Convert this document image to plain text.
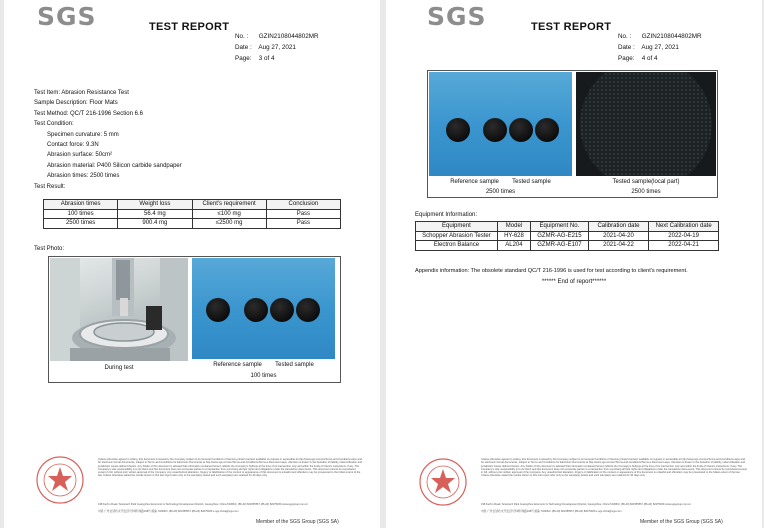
SGS	TEST REPORT
No. : GZIN2108044802MR
Date : Aug 27, 2021
Page: 3 of 4
Test Item: Abrasion Resistance Test
Sample Description: Floor Mats
Test Method: QC/T 216-1996 Section 6.6
Test Condition:
Specimen curvature: 5 mm
Contact force: 9.3N
Abrasion surface: 50cm²
Abrasion material: P400 Silicon carbide sandpaper
Abrasion times: 2500 times
Test Result:
Abrasion times	Weight loss	Client's requirement	Conclusion
100 times	56.4 mg	≤100 mg	Pass
2500 times	900.4 mg	≤2500 mg	Pass
Test Photo:
During test	Reference sample Tested sample
100 times
Unless otherwise agreed in writing, this document is issued by the Company subject to its General Conditions of Service printed overleaf, available on request or accessible at http://www.sgs.com/en/Terms-and-Conditions.aspx and, for electronic format documents, subject to Terms and Conditions for Electronic Documents at http://www.sgs.com/en/Terms-and-Conditions/Terms-e-Document.aspx. Attention is drawn to the limitation of liability, indemnification and jurisdiction issues defined therein. Any holder of this document is advised that information contained hereon reflects the Company's findings at the time of its intervention only and within the limits of Client's instructions, if any. The Company's sole responsibility is to its Client and this document does not exonerate parties to a transaction from exercising all their rights and obligations under the transaction documents. This document cannot be reproduced except in full, without prior written approval of the Company. Any unauthorized alteration, forgery or falsification of the content or appearance of this document is unlawful and offenders may be prosecuted to the fullest extent of the law. Unless otherwise stated the results shown in this test report refer only to the sample(s) tested and such sample(s) are retained for 30 days only.
198 Kezhu Road, Scientech Park Guangzhou Economic & Technology Development District, Guangzhou, China 510663 t (86-20) 82155555 f (86-20) 82075180 www.sgsgroup.com.cn
中国·广州·经济技术开发区科学城科珠路198号 邮编: 510663 t (86-20) 82155555 f (86-20) 82075180 e sgs.china@sgs.com
Member of the SGS Group (SGS SA)
SGS	TEST REPORT
No. : GZIN2108044802MR
Date : Aug 27, 2021
Page: 4 of 4
Reference sample Tested sample
2500 times
Tested sample(local part)
2500 times
Equipment Information:
Equipment	Model	Equipment No.	Calibration date	Next Calibration date
Schopper Abrasion Tester	HY-628	GZMR-AG-E215	2021-04-20	2022-04-19
Electron Balance	AL204	GZMR-AG-E107	2021-04-22	2022-04-21
Appendix information: The obsolete standard QC/T 216-1996 is used for test according to client's requirement.
****** End of report******
Unless otherwise agreed in writing, this document is issued by the Company subject to its General Conditions of Service printed overleaf, available on request or accessible at http://www.sgs.com/en/Terms-and-Conditions.aspx and, for electronic format documents, subject to Terms and Conditions for Electronic Documents at http://www.sgs.com/en/Terms-and-Conditions/Terms-e-Document.aspx. Attention is drawn to the limitation of liability, indemnification and jurisdiction issues defined therein. Any holder of this document is advised that information contained hereon reflects the Company's findings at the time of its intervention only and within the limits of Client's instructions, if any. The Company's sole responsibility is to its Client and this document does not exonerate parties to a transaction from exercising all their rights and obligations under the transaction documents. This document cannot be reproduced except in full, without prior written approval of the Company. Any unauthorized alteration, forgery or falsification of the content or appearance of this document is unlawful and offenders may be prosecuted to the fullest extent of the law. Unless otherwise stated the results shown in this test report refer only to the sample(s) tested and such sample(s) are retained for 30 days only.
198 Kezhu Road, Scientech Park Guangzhou Economic & Technology Development District, Guangzhou, China 510663 t (86-20) 82155555 f (86-20) 82075180 www.sgsgroup.com.cn
中国·广州·经济技术开发区科学城科珠路198号 邮编: 510663 t (86-20) 82155555 f (86-20) 82075180 e sgs.china@sgs.com
Member of the SGS Group (SGS SA)
